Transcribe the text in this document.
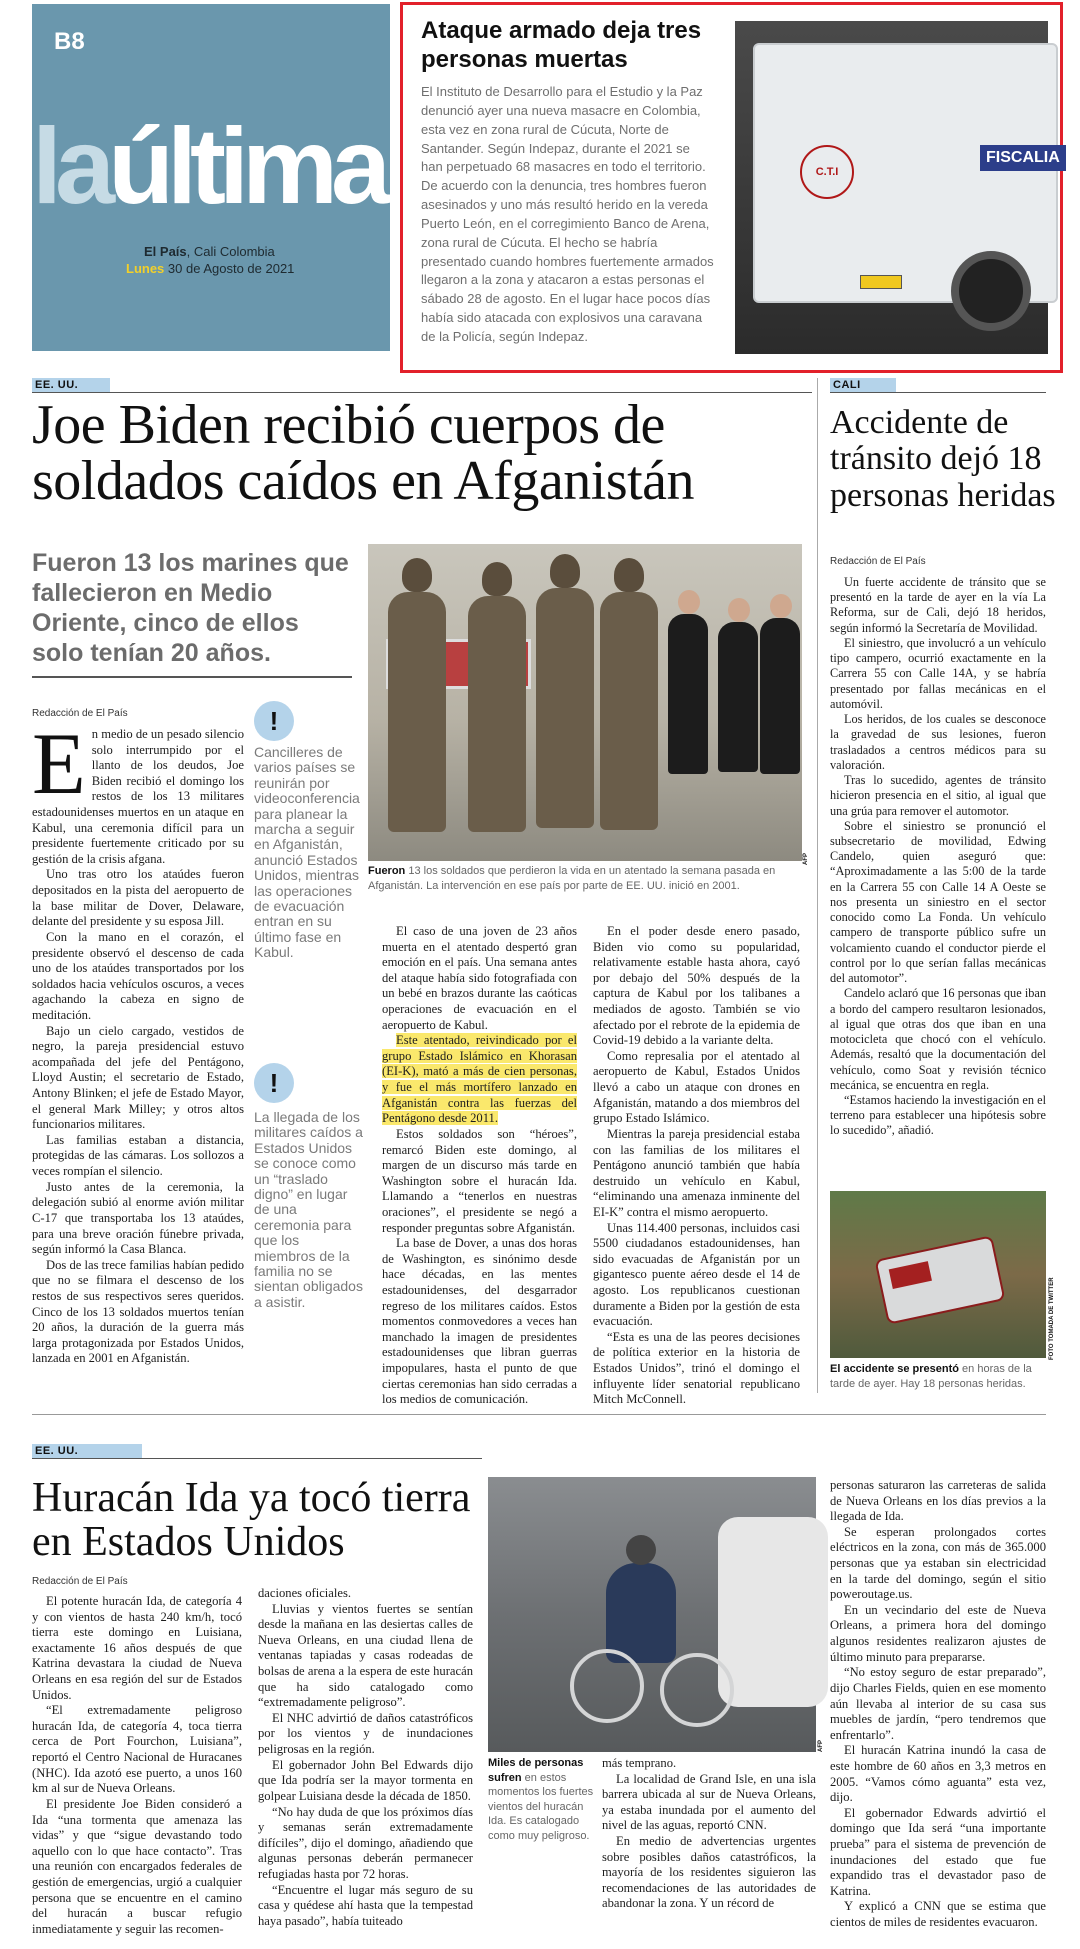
B8
laúltima
El País, Cali Colombia
Lunes 30 de Agosto de 2021
Ataque armado deja tres personas muertas
El Instituto de Desarrollo para el Estudio y la Paz denunció ayer una nueva masacre en Colombia, esta vez en zona rural de Cúcuta, Norte de Santander. Según Indepaz, durante el 2021 se han perpetuado 68 masacres en todo el territorio. De acuerdo con la denuncia, tres hombres fueron asesinados y uno más resultó herido en la vereda Puerto León, en el corregimiento Banco de Arena, zona rural de Cúcuta. El hecho se habría presentado cuando hombres fuertemente armados llegaron a la zona y atacaron a estas personas el sábado 28 de agosto. En el lugar hace pocos días había sido atacada con explosivos una caravana de la Policía, según Indepaz.
C.T.I
FISCALIA
EE. UU.
Joe Biden recibió cuerpos de soldados caídos en Afganistán
Fueron 13 los marines que fallecieron en Medio Oriente, cinco de ellos solo tenían 20 años.
Redacción de El País

En medio de un pesado silencio solo interrumpido por el llanto de los deudos, Joe Biden recibió el domingo los restos de los 13 militares estadounidenses muertos en un ataque en Kabul, una ceremonia difícil para un presidente fuertemente criticado por su gestión de la crisis afgana.

Uno tras otro los ataúdes fueron depositados en la pista del aeropuerto de la base militar de Dover, Delaware, delante del presidente y su esposa Jill.

Con la mano en el corazón, el presidente observó el descenso de cada uno de los ataúdes transportados por los soldados hacia vehículos oscuros, a veces agachando la cabeza en signo de meditación.

Bajo un cielo cargado, vestidos de negro, la pareja presidencial estuvo acompañada del jefe del Pentágono, Lloyd Austin; el secretario de Estado, Antony Blinken; el jefe de Estado Mayor, el general Mark Milley; y otros altos funcionarios militares.

Las familias estaban a distancia, protegidas de las cámaras. Los sollozos a veces rompían el silencio.

Justo antes de la ceremonia, la delegación subió al enorme avión militar C-17 que transportaba los 13 ataúdes, para una breve oración fúnebre privada, según informó la Casa Blanca.

Dos de las trece familias habían pedido que no se filmara el descenso de los restos de sus respectivos seres queridos. Cinco de los 13 soldados muertos tenían 20 años, la duración de la guerra más larga protagonizada por Estados Unidos, lanzada en 2001 en Afganistán.

!
Cancilleres de varios países se reunirán por videoconferencia para planear la marcha a seguir en Afganistán, anunció Estados Unidos, mientras las operaciones de evacuación entran en su último fase en Kabul.
!
La llegada de los militares caídos a Estados Unidos se conoce como un “traslado digno” en lugar de una ceremonia para que los miembros de la familia no se sientan obligados a asistir.
AFP
Fueron 13 los soldados que perdieron la vida en un atentado la semana pasada en Afganistán. La intervención en ese país por parte de EE. UU. inició en 2001.

El caso de una joven de 23 años muerta en el atentado despertó gran emoción en el país. Una semana antes del ataque había sido fotografiada con un bebé en brazos durante las caóticas operaciones de evacuación en el aeropuerto de Kabul.

Este atentado, reivindicado por el grupo Estado Islámico en Khorasan (EI-K), mató a más de cien personas, y fue el más mortífero lanzado en Afganistán contra las fuerzas del Pentágono desde 2011.

Estos soldados son “héroes”, remarcó Biden este domingo, al margen de un discurso más tarde en Washington sobre el huracán Ida. Llamando a “tenerlos en nuestras oraciones”, el presidente se negó a responder preguntas sobre Afganistán.

La base de Dover, a unas dos horas de Washington, es sinónimo desde hace décadas, en las mentes estadounidenses, del desgarrador regreso de los militares caídos. Estos momentos conmovedores a veces han manchado la imagen de presidentes estadounidenses que libran guerras impopulares, hasta el punto de que ciertas ceremonias han sido cerradas a los medios de comunicación.

En el poder desde enero pasado, Biden vio como su popularidad, relativamente estable hasta ahora, cayó por debajo del 50% después de la captura de Kabul por los talibanes a mediados de agosto. También se vio afectado por el rebrote de la epidemia de Covid-19 debido a la variante delta.

Como represalia por el atentado al aeropuerto de Kabul, Estados Unidos llevó a cabo un ataque con drones en Afganistán, matando a dos miembros del grupo Estado Islámico.

Mientras la pareja presidencial estaba con las familias de los militares el Pentágono anunció también que había destruido un vehículo en Kabul, “eliminando una amenaza inminente del EI-K” contra el mismo aeropuerto.

Unas 114.400 personas, incluidos casi 5500 ciudadanos estadounidenses, han sido evacuadas de Afganistán por un gigantesco puente aéreo desde el 14 de agosto. Los republicanos cuestionan duramente a Biden por la gestión de esta evacuación.

“Esta es una de las peores decisiones de política exterior en la historia de Estados Unidos”, trinó el domingo el influyente líder senatorial republicano Mitch McConnell.

CALI
Accidente de tránsito dejó 18 personas heridas
Redacción de El País

Un fuerte accidente de tránsito que se presentó en la tarde de ayer en la vía La Reforma, sur de Cali, dejó 18 heridos, según informó la Secretaría de Movilidad.

El siniestro, que involucró a un vehículo tipo campero, ocurrió exactamente en la Carrera 55 con Calle 14A, y se habría presentado por fallas mecánicas en el automóvil.

Los heridos, de los cuales se desconoce la gravedad de sus lesiones, fueron trasladados a centros médicos para su valoración.

Tras lo sucedido, agentes de tránsito hicieron presencia en el sitio, al igual que una grúa para remover el automotor.

Sobre el siniestro se pronunció el subsecretario de movilidad, Edwing Candelo, quien aseguró que: “Aproximadamente a las 5:00 de la tarde en la Carrera 55 con Calle 14 A Oeste se nos presenta un siniestro en el sector conocido como La Fonda. Un vehículo campero de transporte público sufre un volcamiento cuando el conductor pierde el control por lo que serían fallas mecánicas del automotor”.

Candelo aclaró que 16 personas que iban a bordo del campero resultaron lesionados, al igual que otras dos que iban en una motocicleta que chocó con el vehículo. Además, resaltó que la documentación del vehículo, como Soat y revisión técnico mecánica, se encuentra en regla.

“Estamos haciendo la investigación en el terreno para establecer una hipótesis sobre lo sucedido”, añadió.

FOTO TOMADA DE TWITTER
El accidente se presentó en horas de la tarde de ayer. Hay 18 personas heridas.
EE. UU.
Huracán Ida ya tocó tierra en Estados Unidos
Redacción de El País

El potente huracán Ida, de categoría 4 y con vientos de hasta 240 km/h, tocó tierra este domingo en Luisiana, exactamente 16 años después de que Katrina devastara la ciudad de Nueva Orleans en esa región del sur de Estados Unidos.

“El extremadamente peligroso huracán Ida, de categoría 4, toca tierra cerca de Port Fourchon, Luisiana”, reportó el Centro Nacional de Huracanes (NHC). Ida azotó ese puerto, a unos 160 km al sur de Nueva Orleans.

El presidente Joe Biden consideró a Ida “una tormenta que amenaza las vidas” y que “sigue devastando todo aquello con lo que hace contacto”. Tras una reunión con encargados federales de gestión de emergencias, urgió a cualquier persona que se encuentre en el camino del huracán a buscar refugio inmediatamente y seguir las recomen-

daciones oficiales.

Lluvias y vientos fuertes se sentían desde la mañana en las desiertas calles de Nueva Orleans, en una ciudad llena de ventanas tapiadas y casas rodeadas de bolsas de arena a la espera de este huracán que ha sido catalogado como “extremadamente peligroso”.

El NHC advirtió de daños catastróficos por los vientos y de inundaciones peligrosas en la región.

El gobernador John Bel Edwards dijo que Ida podría ser la mayor tormenta en golpear Luisiana desde la década de 1850.

“No hay duda de que los próximos días y semanas serán extremadamente difíciles”, dijo el domingo, añadiendo que algunas personas deberán permanecer refugiadas hasta por 72 horas.

“Encuentre el lugar más seguro de su casa y quédese ahí hasta que la tempestad haya pasado”, había tuiteado

AFP
Miles de personas sufren en estos momentos los fuertes vientos del huracán Ida. Es catalogado como muy peligroso.

más temprano.

La localidad de Grand Isle, en una isla barrera ubicada al sur de Nueva Orleans, ya estaba inundada por el aumento del nivel de las aguas, reportó CNN.

En medio de advertencias urgentes sobre posibles daños catastróficos, la mayoría de los residentes siguieron las recomendaciones de las autoridades de abandonar la zona. Y un récord de

personas saturaron las carreteras de salida de Nueva Orleans en los días previos a la llegada de Ida.

Se esperan prolongados cortes eléctricos en la zona, con más de 365.000 personas que ya estaban sin electricidad en la tarde del domingo, según el sitio poweroutage.us.

En un vecindario del este de Nueva Orleans, a primera hora del domingo algunos residentes realizaron ajustes de último minuto para prepararse.

“No estoy seguro de estar preparado”, dijo Charles Fields, quien en ese momento aún llevaba al interior de su casa sus muebles de jardín, “pero tendremos que enfrentarlo”.

El huracán Katrina inundó la casa de este hombre de 60 años en 3,3 metros en 2005. “Vamos cómo aguanta” esta vez, dijo.

El gobernador Edwards advirtió el domingo que Ida será “una importante prueba” para el sistema de prevención de inundaciones del estado que fue expandido tras el devastador paso de Katrina.

Y explicó a CNN que se estima que cientos de miles de residentes evacuaron.
